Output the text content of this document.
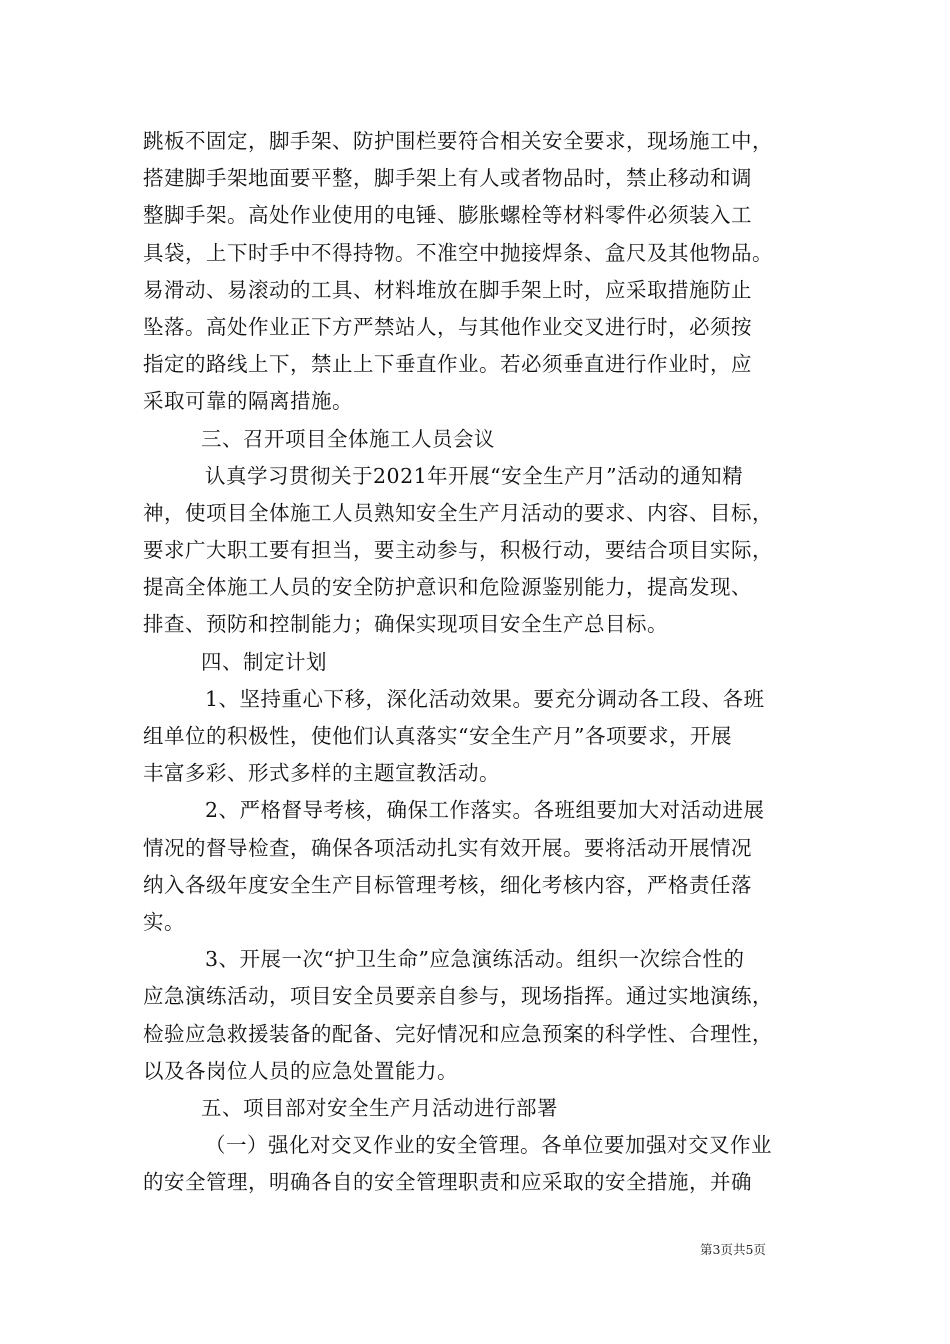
跳板不固定，脚手架、防护围栏要符合相关安全要求，现场施工中，
搭建脚手架地面要平整，脚手架上有人或者物品时，禁止移动和调
整脚手架。高处作业使用的电锤、膨胀螺栓等材料零件必须装入工
具袋，上下时手中不得持物。不准空中抛接焊条、盒尺及其他物品。
易滑动、易滚动的工具、材料堆放在脚手架上时，应采取措施防止
坠落。高处作业正下方严禁站人，与其他作业交叉进行时，必须按
指定的路线上下，禁止上下垂直作业。若必须垂直进行作业时，应
采取可靠的隔离措施。
三、召开项目全体施工人员会议
认真学习贯彻关于2021年开展“安全生产月”活动的通知精
神，使项目全体施工人员熟知安全生产月活动的要求、内容、目标，
要求广大职工要有担当，要主动参与，积极行动，要结合项目实际，
提高全体施工人员的安全防护意识和危险源鉴别能力，提高发现、
排查、预防和控制能力；确保实现项目安全生产总目标。
四、制定计划
1、坚持重心下移，深化活动效果。要充分调动各工段、各班
组单位的积极性，使他们认真落实“安全生产月”各项要求，开展
丰富多彩、形式多样的主题宣教活动。
2、严格督导考核，确保工作落实。各班组要加大对活动进展
情况的督导检查，确保各项活动扎实有效开展。要将活动开展情况
纳入各级年度安全生产目标管理考核，细化考核内容，严格责任落
实。
3、开展一次“护卫生命”应急演练活动。组织一次综合性的
应急演练活动，项目安全员要亲自参与，现场指挥。通过实地演练，
检验应急救援装备的配备、完好情况和应急预案的科学性、合理性，
以及各岗位人员的应急处置能力。
五、项目部对安全生产月活动进行部署
（一）强化对交叉作业的安全管理。各单位要加强对交叉作业
的安全管理，明确各自的安全管理职责和应采取的安全措施，并确
第3页共5页
